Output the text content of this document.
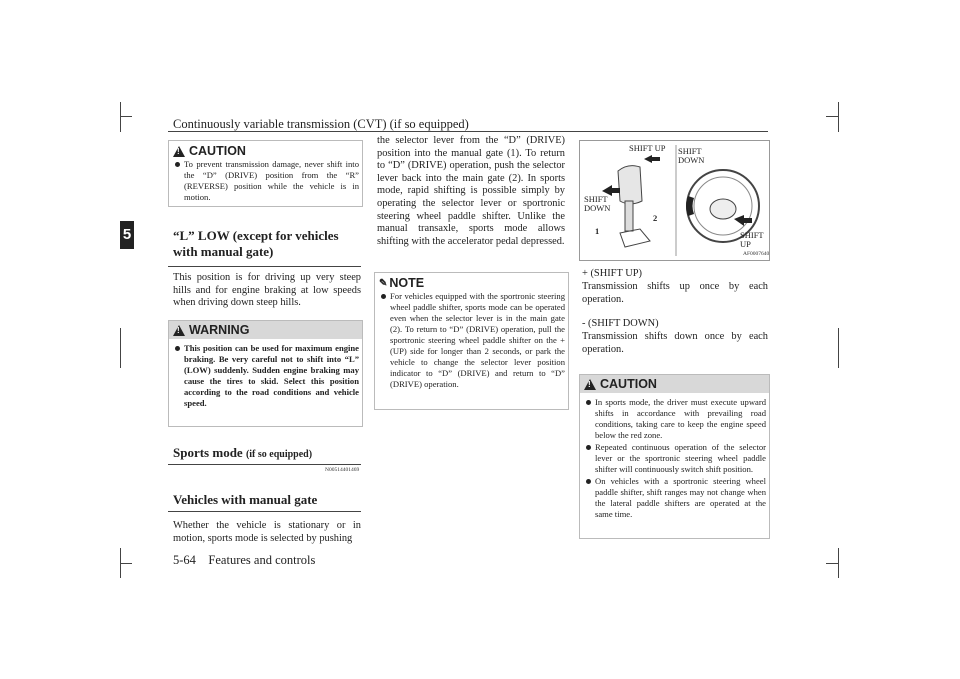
Continuously variable transmission (CVT) (if so equipped)
5
5-64 Features and controls
!
CAUTION
To prevent transmission damage, never shift into the “D” (DRIVE) position from the “R” (REVERSE) position while the vehicle is in motion.
“L” LOW (except for vehicles with manual gate)
This position is for driving up very steep hills and for engine braking at low speeds when driving down steep hills.
!
WARNING
This position can be used for maximum engine braking. Be very careful not to shift into “L” (LOW) suddenly. Sudden engine braking may cause the tires to skid. Select this position according to the road conditions and vehicle speed.
Sports mode (if so equipped)
N00514401469
Vehicles with manual gate
Whether the vehicle is stationary or in motion, sports mode is selected by pushing
the selector lever from the “D” (DRIVE) position into the manual gate (1). To return to “D” (DRIVE) operation, push the selector lever back into the main gate (2). In sports mode, rapid shifting is possible simply by operating the selector lever or sportronic steering wheel paddle shifter. Unlike the manual transaxle, sports mode allows shifting with the accelerator pedal depressed.
✎ NOTE
For vehicles equipped with the sportronic steering wheel paddle shifter, sports mode can be operated even when the selector lever is in the main gate (2). To return to “D” (DRIVE) operation, pull the sportronic steering wheel paddle shifter on the +(UP) side for longer than 2 seconds, or park the vehicle to change the selector lever position indicator to “D” (DRIVE) and return to “D” (DRIVE) operation.
SHIFT UP
SHIFT DOWN
SHIFT DOWN
SHIFT UP
1
2
AF0007640
+ (SHIFT UP)
Transmission shifts up once by each operation.
- (SHIFT DOWN)
Transmission shifts down once by each operation.
!
CAUTION
In sports mode, the driver must execute upward shifts in accordance with prevailing road conditions, taking care to keep the engine speed below the red zone.
Repeated continuous operation of the selector lever or the sportronic steering wheel paddle shifter will continuously switch shift position.
On vehicles with a sportronic steering wheel paddle shifter, shift ranges may not change when the lateral paddle shifters are operated at the same time.
